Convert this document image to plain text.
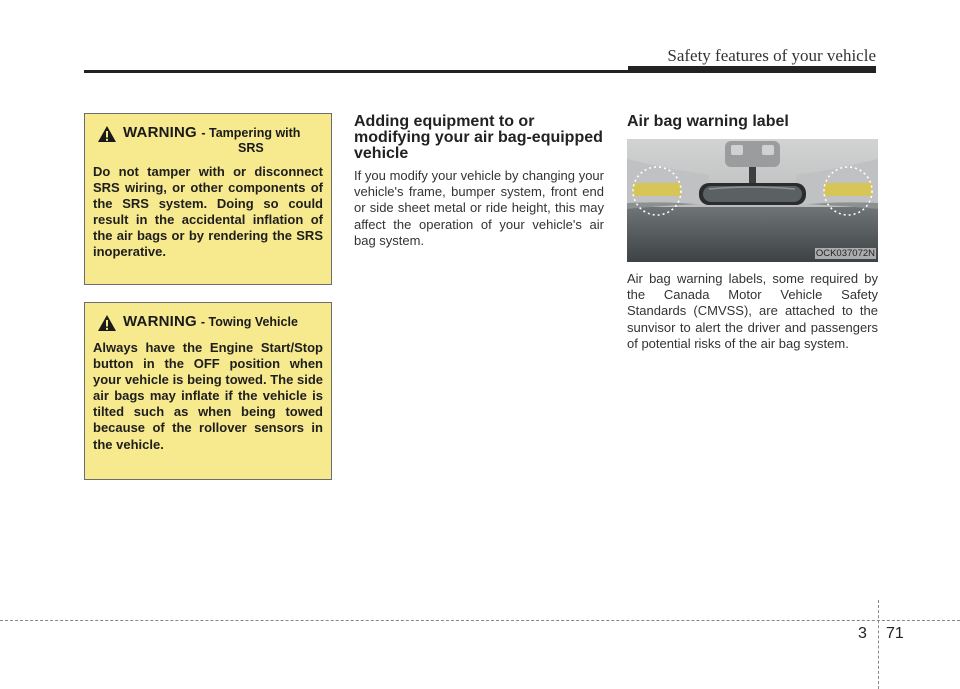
Safety features of your vehicle
WARNING - Tampering with SRS
Do not tamper with or disconnect SRS wiring, or other components of the SRS system. Doing so could result in the accidental inflation of the air bags or by rendering the SRS inoperative.
WARNING - Towing Vehicle
Always have the Engine Start/Stop button in the OFF position when your vehicle is being towed. The side air bags may inflate if the vehicle is tilted such as when being towed because of the rollover sensors in the vehicle.
Adding equipment to or modifying your air bag-equipped vehicle
If you modify your vehicle by changing your vehicle's frame, bumper system, front end or side sheet metal or ride height, this may affect the operation of your vehicle's air bag system.
Air bag warning label
OCK037072N
Air bag warning labels, some required by the Canada Motor Vehicle Safety Standards (CMVSS), are attached to the sunvisor to alert the driver and passengers of potential risks of the air bag system.
3 71
